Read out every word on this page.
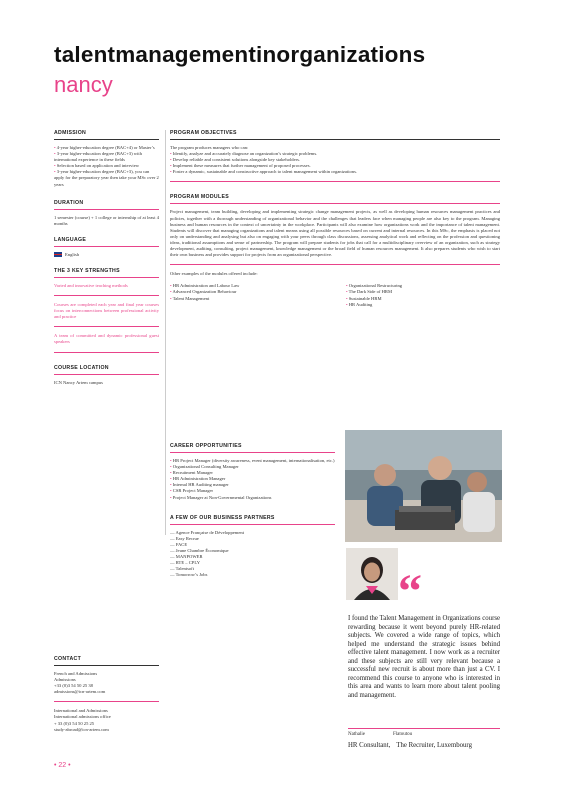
talent management in organizations
nancy
ADMISSION
• 4-year higher-education degree (BAC+4) or Master’s
• 3-year higher-education degree (BAC+3) with international experience in these fields
• Selection based on application and interview
• 3-year higher-education degree (BAC+3), you can apply for the preparatory year then take your MSc over 2 years
DURATION
1 semester (course) + 1 college or internship of at least 4 months
LANGUAGE
English
THE 3 KEY STRENGTHS
Varied and innovative teaching methods
Courses are completed each year and final year courses focus on interconnections between professional activity and practice
A team of committed and dynamic professional guest speakers
COURSE LOCATION
ICN Nancy Artem campus
CONTACT
French and Admissions
Admissions
+33 (0)3 54 50 25 38
admissions@icn-artem.com
International and Admissions
International admissions office
+ 33 (0)3 54 50 25 25
study-abroad@icn-artem.com
PROGRAM OBJECTIVES
The program produces managers who can:
• Identify, analyze and accurately diagnose an organization’s strategic problems.
• Develop reliable and consistent solutions alongside key stakeholders.
• Implement these measures that further management of proposed processes.
• Foster a dynamic, sustainable and constructive approach to talent management within organizations.
PROGRAM MODULES
Project management, team building, developing and implementing strategic change management projects, as well as developing human resources management practices and policies, together with a thorough understanding of organizational behavior and the challenges that leaders face when managing people are also key to the program. Managing business and human resources in the context of uncertainty in the workplace. Participants will also examine how organizations work and the importance of talent management. Students will discover that managing organizations and talent means using all possible resources based on current and internal resources. In this MSc, the emphasis is placed not only on understanding and analysing but also on engaging with your peers through class discussions, assessing analytical work and reflecting on the profession and questioning ideas, traditional assumptions and sense of partnership. The program will prepare students for jobs that call for a multidisciplinary overview of an organization, such as strategy development, auditing, consulting, project management, knowledge management or the broad field of human resources management. It also prepares students who wish to start their own business and provides support for projects from an organizational perspective.
Other examples of the modules offered include:
• HR Administration and Labour Law
• Advanced Organization Behaviour
• Talent Management
• Organizational Restructuring
• The Dark Side of HRM
• Sustainable HRM
• HR Auditing
CAREER OPPORTUNITIES
• HR Project Manager (diversity awareness, event management, internationalisation, etc.)
• Organizational Consulting Manager
• Recruitment Manager
• HR Administration Manager
• Internal HR Auditing manager
• CSR Project Manager
• Project Manager at Non-Governmental Organizations
A FEW OF OUR BUSINESS PARTNERS
— Agence Française de Développement
— Easy Recrue
— FACE
— Jeune Chambre Économique
— MANPOWER
— RTE – CPLY
— Talentsoft
— Tomorrow’s Jobs	“
I found the Talent Management in Organizations course rewarding because it went beyond purely HR-related subjects. We covered a wide range of topics, which helped me understand the strategic issues behind effective talent management. I now work as a recruiter and these subjects are still very relevant because a successful new recruit is about more than just a CV. I recommend this course to anyone who is interested in this area and wants to learn more about talent pooling and management.
Nathalie	Flatoutou
HR Consultant, The Recruiter, Luxembourg
• 22 •
